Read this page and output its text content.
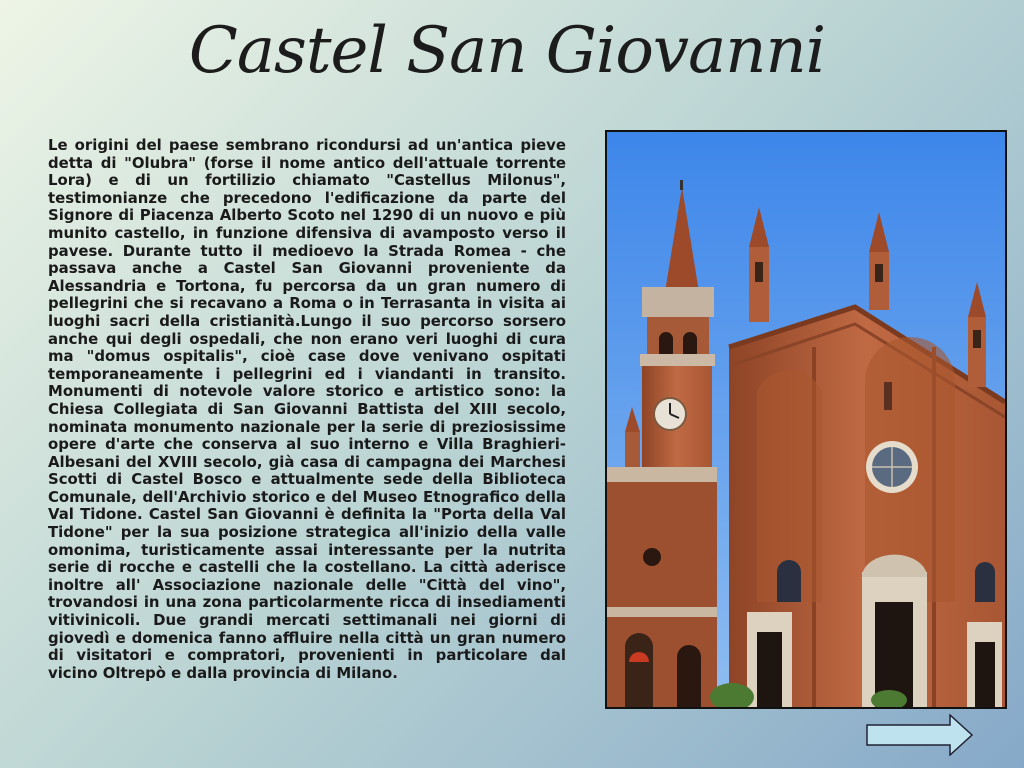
Castel San Giovanni

Le origini del paese sembrano ricondursi ad un'antica pieve detta di "Olubra" (forse il nome antico dell'attuale torrente Lora) e di un fortilizio chiamato "Castellus Milonus", testimonianze che precedono l'edificazione da parte del Signore di Piacenza Alberto Scoto nel 1290 di un nuovo e più munito castello, in funzione difensiva di avamposto verso il pavese. Durante tutto il medioevo la Strada Romea - che passava anche a Castel San Giovanni proveniente da Alessandria e Tortona, fu percorsa da un gran numero di pellegrini che si recavano a Roma o in Terrasanta in visita ai luoghi sacri della cristianità.Lungo il suo percorso sorsero anche qui degli ospedali, che non erano veri luoghi di cura ma "domus ospitalis", cioè case dove venivano ospitati temporaneamente i pellegrini ed i viandanti in transito. Monumenti di notevole valore storico e artistico sono: la Chiesa Collegiata di San Giovanni Battista del XIII secolo, nominata monumento nazionale per la serie di preziosissime opere d'arte che conserva al suo interno e Villa Braghieri-Albesani del XVIII secolo, già casa di campagna dei Marchesi Scotti di Castel Bosco e attualmente sede della Biblioteca Comunale, dell'Archivio storico e del Museo Etnografico della Val Tidone. Castel San Giovanni è definita la "Porta della Val Tidone" per la sua posizione strategica all'inizio della valle omonima, turisticamente assai interessante per la nutrita serie di rocche e castelli che la costellano. La città aderisce inoltre all' Associazione nazionale delle "Città del vino", trovandosi in una zona particolarmente ricca di insediamenti vitivinicoli. Due grandi mercati settimanali nei giorni di giovedì e domenica fanno affluire nella città un gran numero di visitatori e compratori, provenienti in particolare dal vicino Oltrepò e dalla provincia di Milano.
